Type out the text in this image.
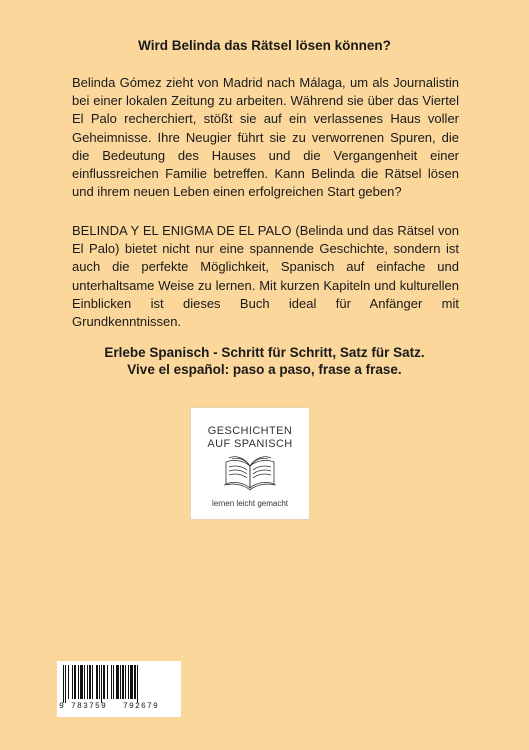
Wird Belinda das Rätsel lösen können?

Belinda Gómez zieht von Madrid nach Málaga, um als Journalistin bei einer lokalen Zeitung zu arbeiten. Während sie über das Viertel El Palo recherchiert, stößt sie auf ein verlassenes Haus voller Geheimnisse. Ihre Neugier führt sie zu verworrenen Spuren, die die Bedeutung des Hauses und die Vergangenheit einer einflussreichen Familie betreffen. Kann Belinda die Rätsel lösen und ihrem neuen Leben einen erfolgreichen Start geben?

BELINDA Y EL ENIGMA DE EL PALO (Belinda und das Rätsel von El Palo) bietet nicht nur eine spannende Geschichte, sondern ist auch die perfekte Möglichkeit, Spanisch auf einfache und unterhaltsame Weise zu lernen. Mit kurzen Kapiteln und kulturellen Einblicken ist dieses Buch ideal für Anfänger mit Grundkenntnissen.

Erlebe Spanisch - Schritt für Schritt, Satz für Satz.
Vive el español: paso a paso, frase a frase.
GESCHICHTEN
AUF SPANISCH
lernen leicht gemacht
9 783759 792679
